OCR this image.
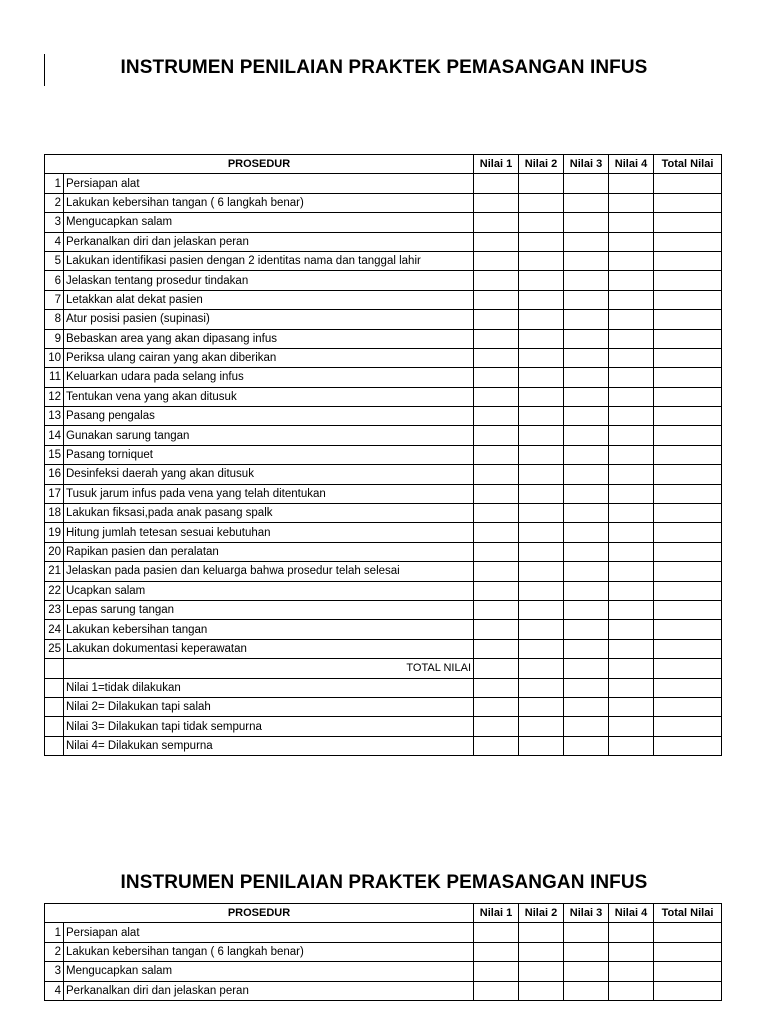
INSTRUMEN PENILAIAN PRAKTEK PEMASANGAN INFUS
PROSEDUR		Nilai 1	Nilai 2	Nilai 3	Nilai 4	Total Nilai
1	Persiapan alat					
2	Lakukan kebersihan tangan ( 6 langkah benar)					
3	Mengucapkan salam					
4	Perkanalkan diri dan jelaskan peran					
5	Lakukan identifikasi pasien dengan 2 identitas nama dan tanggal lahir					
6	Jelaskan tentang prosedur tindakan					
7	Letakkan alat dekat pasien					
8	Atur posisi pasien (supinasi)					
9	Bebaskan area yang akan dipasang infus					
10	Periksa ulang cairan yang akan diberikan					
11	Keluarkan udara pada selang infus					
12	Tentukan vena yang akan ditusuk					
13	Pasang pengalas					
14	Gunakan sarung tangan					
15	Pasang torniquet					
16	Desinfeksi daerah yang akan ditusuk					
17	Tusuk jarum infus pada vena yang telah ditentukan					
18	Lakukan fiksasi,pada anak pasang spalk					
19	Hitung jumlah tetesan sesuai kebutuhan					
20	Rapikan pasien dan peralatan					
21	Jelaskan pada pasien dan keluarga bahwa prosedur telah selesai					
22	Ucapkan salam					
23	Lepas sarung tangan					
24	Lakukan kebersihan tangan					
25	Lakukan dokumentasi keperawatan					
	TOTAL NILAI					
	Nilai 1=tidak dilakukan					
	Nilai 2= Dilakukan tapi salah					
	Nilai 3= Dilakukan tapi tidak sempurna					
	Nilai 4= Dilakukan sempurna					
INSTRUMEN PENILAIAN PRAKTEK PEMASANGAN INFUS
PROSEDUR		Nilai 1	Nilai 2	Nilai 3	Nilai 4	Total Nilai
1	Persiapan alat					
2	Lakukan kebersihan tangan ( 6 langkah benar)					
3	Mengucapkan salam					
4	Perkanalkan diri dan jelaskan peran					
